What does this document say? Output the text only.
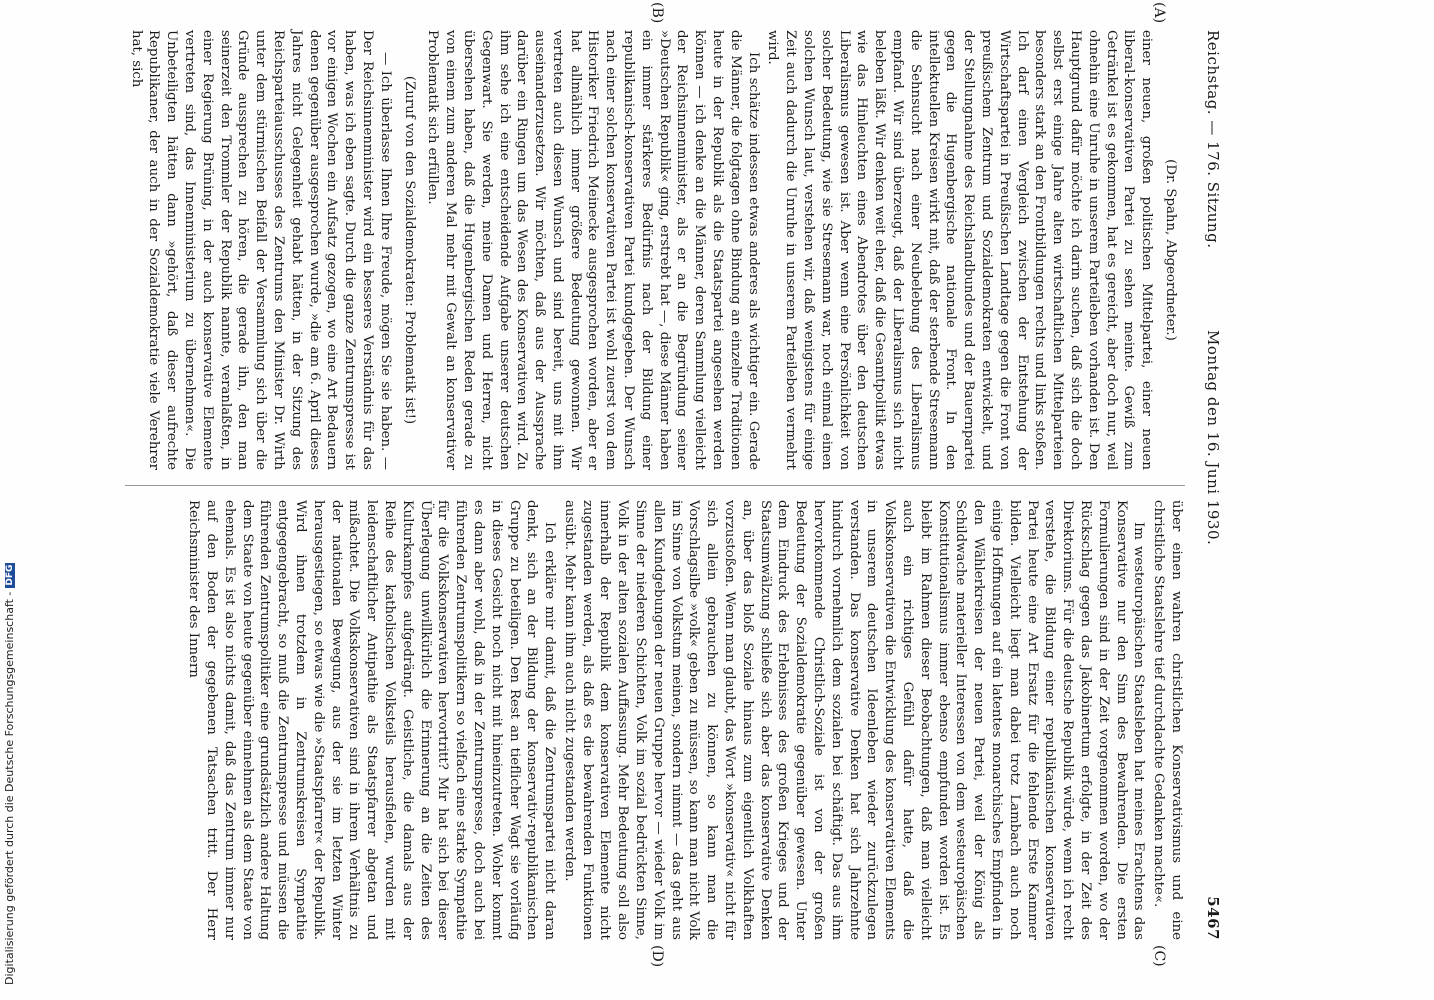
Digitalisierung gefördert durch die Deutsche Forschungsgemeinschaft -DFG
Reichstag. — 176. Sitzung.
Montag den 16. Juni 1930.
5467

(Dr. Spahn, Abgeordneter.)

einer neuen, großen politischen Mittelpartei, einer neuen liberal-konservativen Partei zu sehen meinte. Gewiß zum Getränkel ist es gekommen, hat es gereicht, aber doch nur, weil ohnehin eine Unruhe in unserem Parteileben vorhanden ist. Den Hauptgrund dafür möchte ich darin suchen, daß sich die doch selbst erst einige Jahre alten wirtschaftlichen Mittelparteien besonders stark an den Frontbildungen rechts und links stoßen. Ich darf einen Vergleich zwischen der Entstehung der Wirtschaftspartei in Preußischen Landtage gegen die Front von preußischem Zentrum und Sozialdemokraten entwickelt, und der Stellungnahme des Reichslandbundes und der Bauernpartei gegen die Hugenbergische nationale Front. In den intellektuellen Kreisen wirkt mit, daß der sterbende Stresemann die Sehnsucht nach einer Neubelebung des Liberalismus empfand. Wir sind überzeugt, daß der Liberalismus sich nicht beleben läßt. Wir denken weit eher, daß die Gesamtpolitik etwas wie das Hinleuchten eines Abendrotes über den deutschen Liberalismus gewesen ist. Aber wenn eine Persönlichkeit von solcher Bedeutung, wie sie Stresemann war, noch einmal einen solchen Wunsch laut, verstehen wir, daß wenigstens für einige Zeit auch dadurch die Unruhe in unserem Parteileben vermehrt wird.

Ich schätze indessen etwas anderes als wichtiger ein. Gerade die Männer, die folgtagen ohne Bindung an einzelne Traditionen heute in der Republik als die Staatspartei angesehen werden können — ich denke an die Männer, deren Sammlung vielleicht der Reichsinnenminister, als er an die Begründung seiner »Deutschen Republik« ging, erstrebt hat —, diese Männer haben ein immer stärkeres Bedürfnis nach der Bildung einer republikanisch-konservativen Partei kundgegeben. Der Wunsch nach einer solchen konservativen Partei ist wohl zuerst von dem Historiker Friedrich Meinecke ausgesprochen worden, aber er hat allmählich immer größere Bedeutung gewonnen. Wir vertreten auch diesen Wunsch und sind bereit, uns mit ihm auseinanderzusetzen. Wir möchten, daß aus der Aussprache darüber ein Ringen um das Wesen des Konservativen wird. Zu ihm sehe ich eine entscheidende Aufgabe unserer deutschen Gegenwart. Sie werden, meine Damen und Herren, nicht übersehen haben, daß die Hugenbergischen Reden gerade zu von einem zum anderen Mal mehr mit Gewalt an konservativer Problematik sich erfüllen.

(Zuruf von den Sozialdemokraten: Problematik ist!)

— Ich überlasse Ihnen Ihre Freude, mögen Sie sie haben. — Der Reichsinnenminister wird ein besseres Verständnis für das haben, was ich eben sagte. Durch die ganze Zentrumspresse ist vor einigen Wochen ein Aufsatz gezogen, wo eine Art Bedauern denen gegenüber ausgesprochen wurde, »die am 6. April dieses Jahres nicht Gelegenheit gehabt hätten, in der Sitzung des Reichsparteiausschusses des Zentrums den Minister Dr. Wirth unter dem stürmischen Beifall der Versammlung sich über die Gründe aussprechen zu hören, die gerade ihn, den man seinerzeit den Trommler der Republik nannte, veranlaßten, in einer Regierung Brüning, in der auch konservative Elemente vertreten sind, das Innenministerium zu übernehmen«. Die Unbeteiligten hätten dann »gehört, daß dieser aufrechte Republikaner, der auch in der Sozialdemokratie viele Verehrer hat, sich

(A)
(B)

über einen wahren christlichen Konservativismus und eine christliche Staatslehre tief durchdachte Gedanken machte«.

Im westeuropäischen Staatsleben hat meines Erachtens das Konservative nur den Sinn des Bewahrenden. Die ersten Formulierungen sind in der Zeit vorgenommen worden, wo der Rückschlag gegen das Jakobinertum erfolgte, in der Zeit des Direktoriums. Für die deutsche Republik würde, wenn ich recht verstehe, die Bildung einer republikanischen konservativen Partei heute eine Art Ersatz für die fehlende Erste Kammer bilden. Vielleicht liegt man dabei trotz Lambach auch noch einige Hoffnungen auf ein latentes monarchisches Empfinden in den Wählerkreisen der neuen Partei, weil der König als Schildwache materieller Interessen von dem westeuropäischen Konstitutionalismus immer ebenso empfunden worden ist. Es bleibt im Rahmen dieser Beobachtungen, daß man vielleicht auch ein richtiges Gefühl dafür hatte, daß die Volkskonservativen die Entwicklung des konservativen Elements in unserem deutschen Ideenleben wieder zurückzulegen verstanden. Das konservative Denken hat sich Jahrzehnte hindurch vornehmlich dem sozialen bei schäftigt. Das aus ihm hervorkommende Christlich-Soziale ist von der großen Bedeutung der Sozialdemokratie gegenüber gewesen. Unter dem Eindruck des Erlebnisses des großen Krieges und der Staatsumwälzung schließe sich aber das konservative Denken an, über das bloß Soziale hinaus zum eigentlich Volkhaften vorzustoßen. Wenn man glaubt, das Wort »konservativ« nicht für sich allein gebrauchen zu können, so kann man die Vorschlagsilbe »volk« geben zu müssen, so kann man nicht Volk im Sinne von Volkstum meinen, sondern nimmt — das geht aus allen Kundgebungen der neuen Gruppe hervor — wieder Volk im Sinne der niederen Schichten, Volk im sozial bedrückten Sinne, Volk in der alten sozialen Auffassung. Mehr Bedeutung soll also innerhalb der Republik dem konservativen Elemente nicht zugestanden werden, als daß es die bewahrenden Funktionen ausübt. Mehr kann ihm auch nicht zugestanden werden.

Ich erkläre mir damit, daß die Zentrumspartei nicht daran denkt, sich an der Bildung der konservativ-republikanischen Gruppe zu beteiligen. Den Rest an tieflicher Wagt sie vorläufig in dieses Gesicht noch nicht mit hineinzutreten. Woher kommt es dann aber wohl, daß in der Zentrumspresse, doch auch bei führenden Zentrumspolitikern so vielfach eine starke Sympathie für die Volkskonservativen hervortritt? Mir hat sich bei dieser Überlegung unwillkürlich die Erinnerung an die Zeiten des Kulturkampfes aufgedrängt. Geistliche, die damals aus der Reihe des katholischen Volksteils herausfielen, wurden mit leidenschaftlicher Antipathie als Staatspfarrer abgetan und mißachtet. Die Volkskonservativen sind in ihrem Verhältnis zu der nationalen Bewegung, aus der sie im letzten Winter herausgestiegen, so etwas wie die »Staatspfarrer« der Republik. Wird ihnen trotzdem in Zentrumskreisen Sympathie entgegengebracht, so muß die Zentrumspresse und müssen die führenden Zentrumspolitiker eine grundsätzlich andere Haltung dem Staate von heute gegenüber einnehmen als dem Staate von ehemals. Es ist also nichts damit, daß das Zentrum immer nur auf den Boden der gegebenen Tatsachen tritt. Der Herr Reichsminister des Innern

(C)
(D)
